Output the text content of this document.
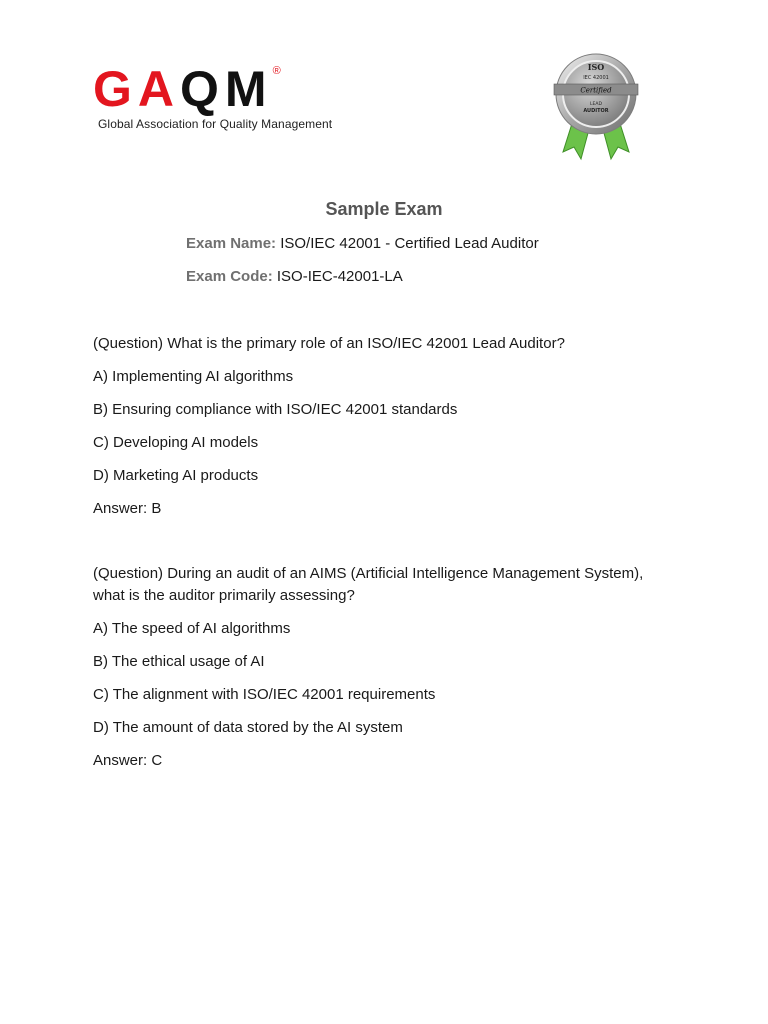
G A Q M ®
Global Association for Quality Management
ISO
IEC 42001
Certified
LEAD
AUDITOR
Sample Exam
Exam Name: ISO/IEC 42001 - Certified Lead Auditor
Exam Code: ISO-IEC-42001-LA
(Question) What is the primary role of an ISO/IEC 42001 Lead Auditor?
A) Implementing AI algorithms
B) Ensuring compliance with ISO/IEC 42001 standards
C) Developing AI models
D) Marketing AI products
Answer: B
(Question) During an audit of an AIMS (Artificial Intelligence Management System), what is the auditor primarily assessing?
A) The speed of AI algorithms
B) The ethical usage of AI
C) The alignment with ISO/IEC 42001 requirements
D) The amount of data stored by the AI system
Answer: C
